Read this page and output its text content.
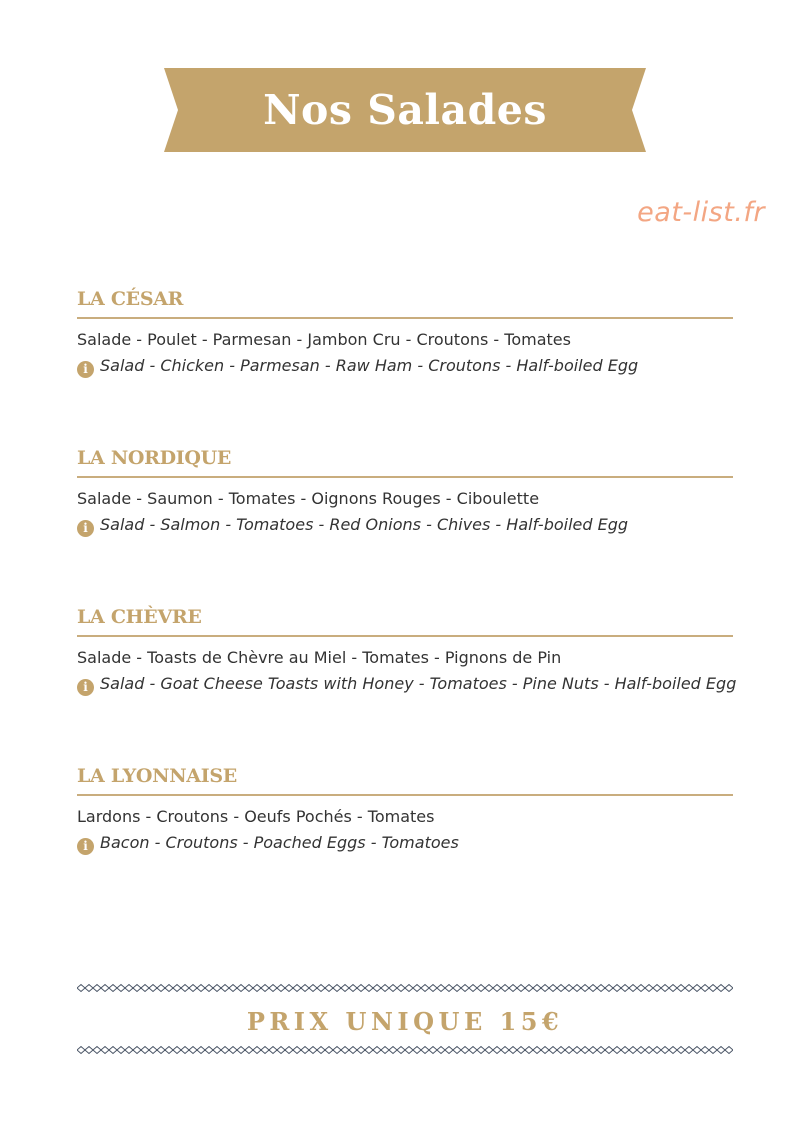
Nos Salades
eat-list.fr
LA CÉSAR
Salade - Poulet - Parmesan - Jambon Cru - Croutons - Tomates
i Salad - Chicken - Parmesan - Raw Ham - Croutons - Half-boiled Egg
LA NORDIQUE
Salade - Saumon - Tomates - Oignons Rouges - Ciboulette
i Salad - Salmon - Tomatoes - Red Onions - Chives - Half-boiled Egg
LA CHÈVRE
Salade - Toasts de Chèvre au Miel - Tomates - Pignons de Pin
i Salad - Goat Cheese Toasts with Honey - Tomatoes - Pine Nuts - Half-boiled Egg
LA LYONNAISE
Lardons - Croutons - Oeufs Pochés - Tomates
i Bacon - Croutons - Poached Eggs - Tomatoes
PRIX UNIQUE 15€
